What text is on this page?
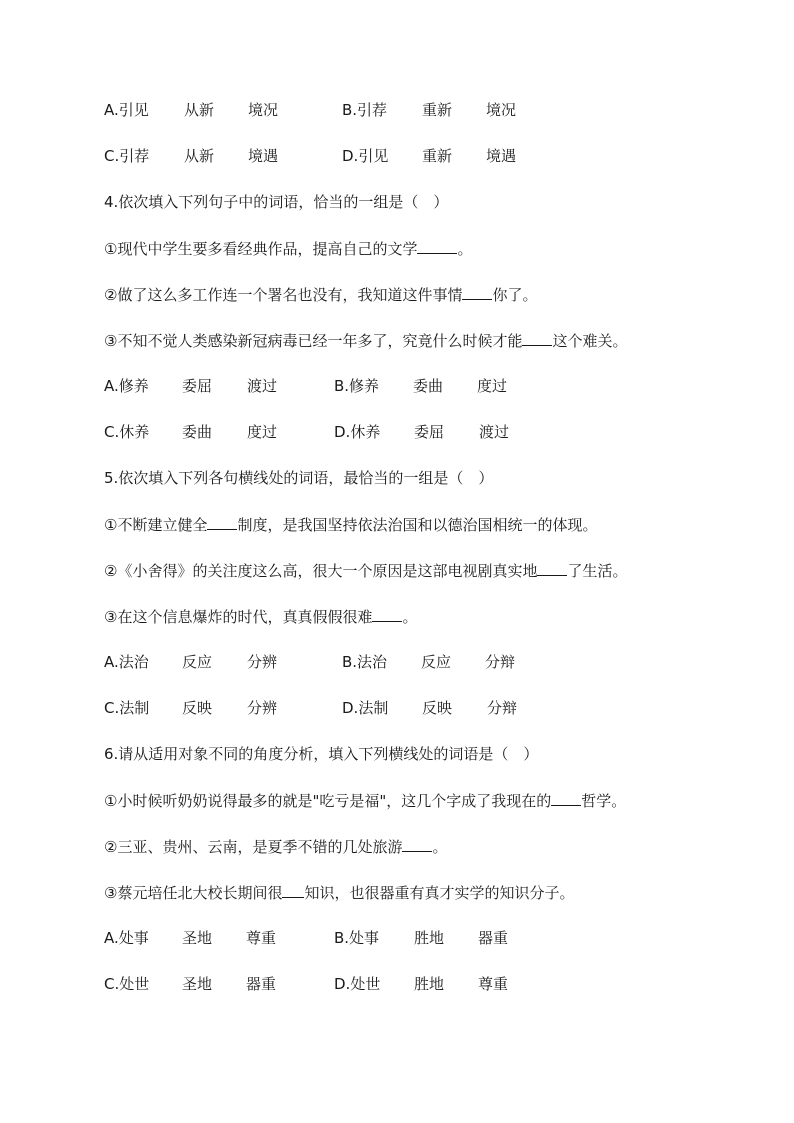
A.引见 从新 境况	B.引荐 重新 境况
C.引荐 从新 境遇	D.引见 重新 境遇

4.依次填入下列句子中的词语，恰当的一组是（　）

①现代中学生要多看经典作品，提高自己的文学	。

②做了这么多工作连一个署名也没有，我知道这件事情 你了。

③不知不觉人类感染新冠病毒已经一年多了，究竟什么时候才能 这个难关。

A.修养 委屈 渡过	B.修养 委曲 度过
C.休养 委曲 度过	D.休养 委屈 渡过

5.依次填入下列各句横线处的词语，最恰当的一组是（　）

①不断建立健全 制度，是我国坚持依法治国和以德治国相统一的体现。

②《小舍得》的关注度这么高，很大一个原因是这部电视剧真实地 了生活。

③在这个信息爆炸的时代，真真假假很难 。

A.法治 反应 分辨	B.法治 反应 分辩
C.法制 反映 分辨	D.法制 反映 分辩

6.请从适用对象不同的角度分析，填入下列横线处的词语是（　）

①小时候听奶奶说得最多的就是"吃亏是福"，这几个字成了我现在的 哲学。

②三亚、贵州、云南，是夏季不错的几处旅游 。

③蔡元培任北大校长期间很 知识，也很器重有真才实学的知识分子。

A.处事 圣地 尊重	B.处事 胜地 器重
C.处世 圣地 器重	D.处世 胜地 尊重
